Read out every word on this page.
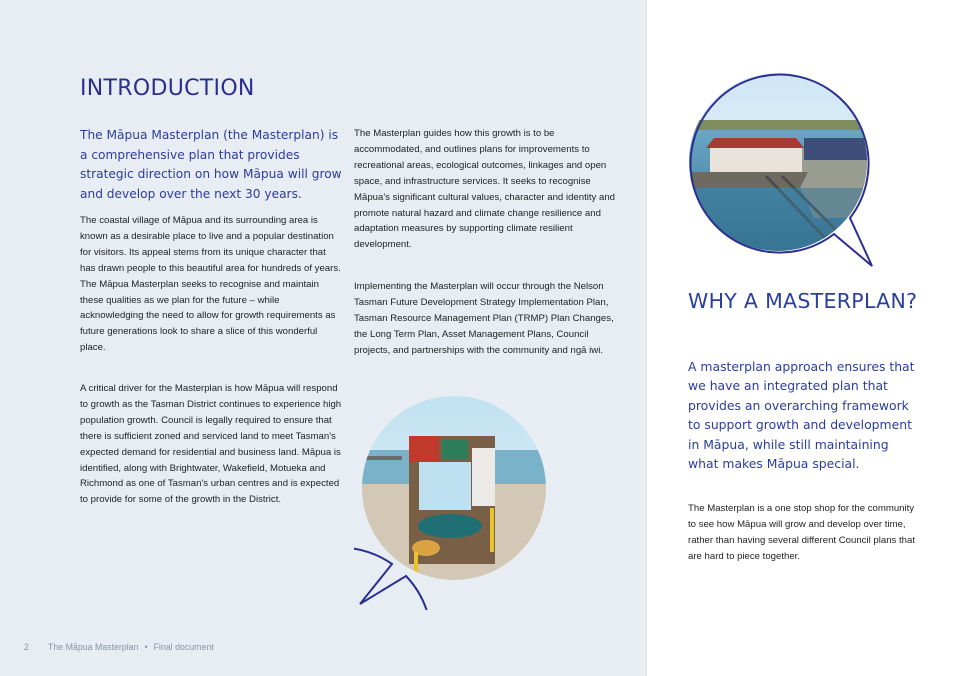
INTRODUCTION

The Māpua Masterplan (the Masterplan) is a comprehensive plan that provides strategic direction on how Māpua will grow and develop over the next 30 years.

The coastal village of Māpua and its surrounding area is known as a desirable place to live and a popular destination for visitors. Its appeal stems from its unique character that has drawn people to this beautiful area for hundreds of years. The Māpua Masterplan seeks to recognise and maintain these qualities as we plan for the future – while acknowledging the need to allow for growth requirements as future generations look to share a slice of this wonderful place.

A critical driver for the Masterplan is how Māpua will respond to growth as the Tasman District continues to experience high population growth. Council is legally required to ensure that there is sufficient zoned and serviced land to meet Tasman's expected demand for residential and business land. Māpua is identified, along with Brightwater, Wakefield, Motueka and Richmond as one of Tasman's urban centres and is expected to provide for some of the growth in the District.

The Masterplan guides how this growth is to be accommodated, and outlines plans for improvements to recreational areas, ecological outcomes, linkages and open space, and infrastructure services. It seeks to recognise Māpua's significant cultural values, character and identity and promote natural hazard and climate change resilience and adaptation measures by supporting climate resilient development.

Implementing the Masterplan will occur through the Nelson Tasman Future Development Strategy Implementation Plan, Tasman Resource Management Plan (TRMP) Plan Changes, the Long Term Plan, Asset Management Plans, Council projects, and partnerships with the community and ngā iwi.

WHY A MASTERPLAN?

A masterplan approach ensures that we have an integrated plan that provides an overarching framework to support growth and development in Māpua, while still maintaining what makes Māpua special.

The Masterplan is a one stop shop for the community to see how Māpua will grow and develop over time, rather than having several different Council plans that are hard to piece together.

2 The Māpua Masterplan • Final document
